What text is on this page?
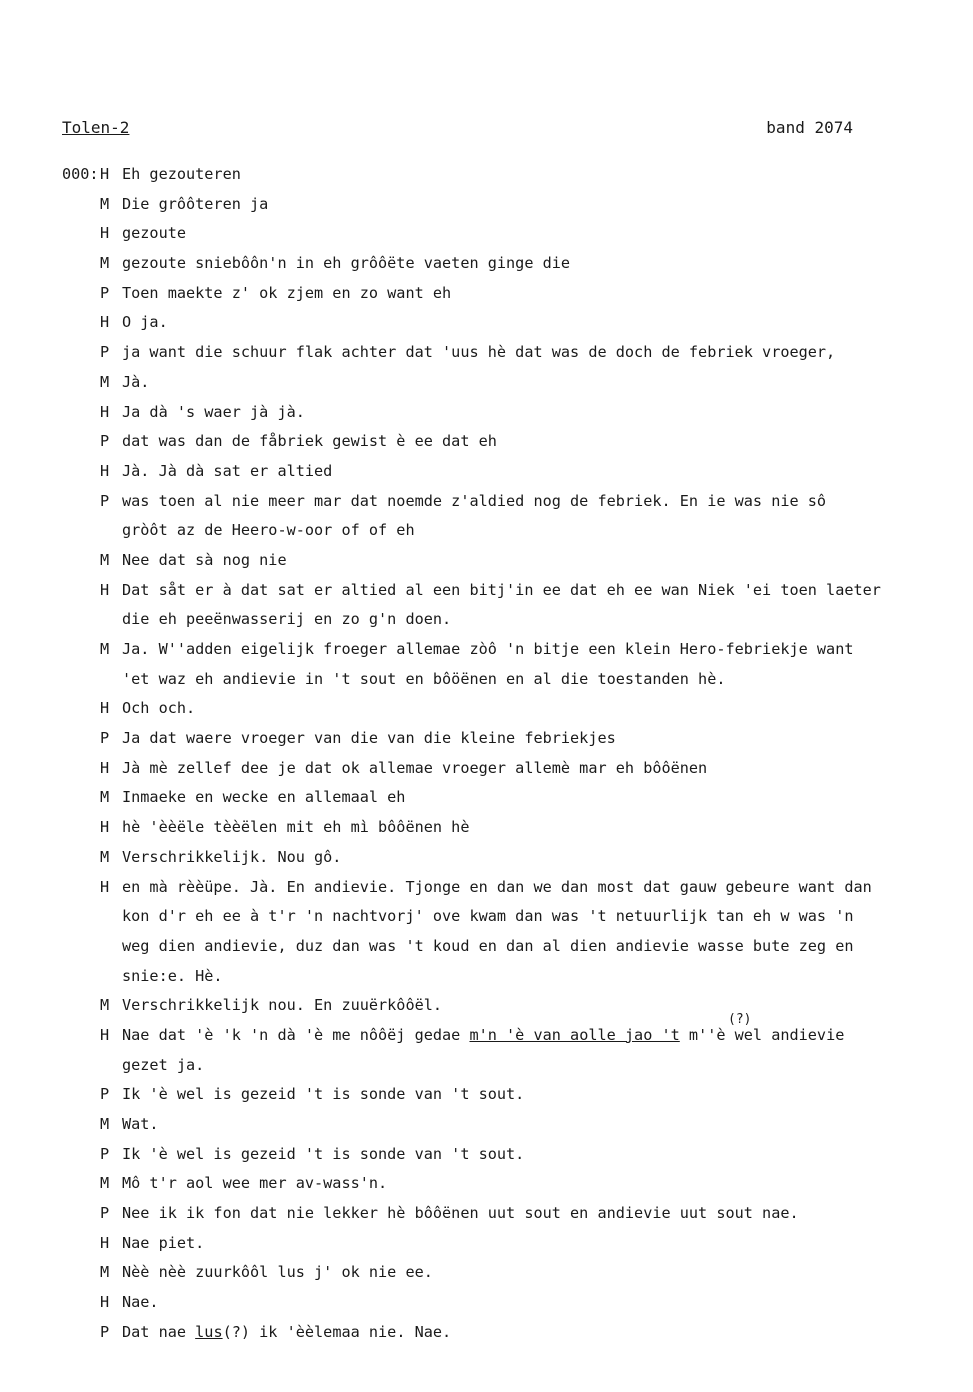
Tolen-2	band 2074
(?)
000: H Eh gezouteren
M Die grôôteren ja
H gezoute
M gezoute sniebôôn'n in eh grôôëte vaeten ginge die
P Toen maekte z' ok zjem en zo want eh
H O ja.
P ja want die schuur flak achter dat 'uus hè dat was de doch de febriek vroeger,
M Jà.
H Ja dà 's waer jà jà.
P dat was dan de fåbriek gewist è ee dat eh
H Jà. Jà dà sat er altied
P was toen al nie meer mar dat noemde z'aldied nog de febriek. En ie was nie sô
gròôt az de Heero-w-oor of of eh
M Nee dat sà nog nie
H Dat såt er à dat sat er altied al een bitj'in ee dat eh ee wan Niek 'ei toen laeter
die eh peeënwasserij en zo g'n doen.
M Ja. W''adden eigelijk froeger allemae zòô 'n bitje een klein Hero-febriekje want
'et waz eh andievie in 't sout en bôöënen en al die toestanden hè.
H Och och.
P Ja dat waere vroeger van die van die kleine febriekjes
H Jà mè zellef dee je dat ok allemae vroeger allemè mar eh bôôënen
M Inmaeke en wecke en allemaal eh
H hè 'èèële tèèëlen mit eh mì bôôënen hè
M Verschrikkelijk. Nou gô.
H en mà rèèüpe. Jà. En andievie. Tjonge en dan we dan most dat gauw gebeure want dan
kon d'r eh ee à t'r 'n nachtvorj' ove kwam dan was 't netuurlijk tan eh w was 'n
weg dien andievie, duz dan was 't koud en dan al dien andievie wasse bute zeg en
snie:e. Hè.
M Verschrikkelijk nou. En zuuërkôôël.
H Nae dat 'è 'k 'n dà 'è me nôôëj gedae m'n 'è van aolle jao 't m''è wel andievie
gezet ja.
P Ik 'è wel is gezeid 't is sonde van 't sout.
M Wat.
P Ik 'è wel is gezeid 't is sonde van 't sout.
M Mô t'r aol wee mer av-wass'n.
P Nee ik ik fon dat nie lekker hè bôôënen uut sout en andievie uut sout nae.
H Nae piet.
M Nèè nèè zuurkôôl lus j' ok nie ee.
H Nae.
P Dat nae lus(?) ik 'èèlemaa nie. Nae.
